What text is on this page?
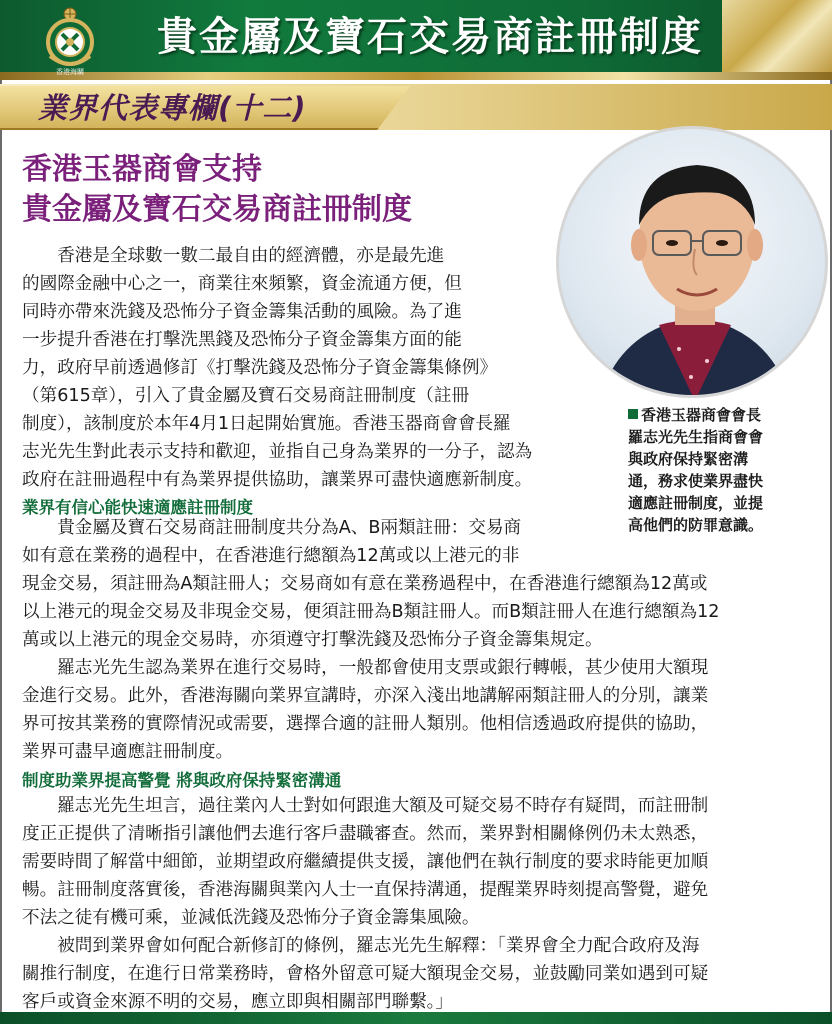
貴金屬及寶石交易商註冊制度
香港海關
業界代表專欄(十二)
香港玉器商會支持
貴金屬及寶石交易商註冊制度

香港玉器商會會長

羅志光先生指商會會

與政府保持緊密溝

通，務求使業界盡快

適應註冊制度，並提

高他們的防罪意識。

　　香港是全球數一數二最自由的經濟體，亦是最先進

的國際金融中心之一，商業往來頻繁，資金流通方便，但

同時亦帶來洗錢及恐怖分子資金籌集活動的風險。為了進

一步提升香港在打擊洗黑錢及恐怖分子資金籌集方面的能

力，政府早前透過修訂《打擊洗錢及恐怖分子資金籌集條例》

（第615章），引入了貴金屬及寶石交易商註冊制度（註冊

制度），該制度於本年4月1日起開始實施。香港玉器商會會長羅

志光先生對此表示支持和歡迎，並指自己身為業界的一分子，認為

政府在註冊過程中有為業界提供協助，讓業界可盡快適應新制度。

業界有信心能快速適應註冊制度

　　貴金屬及寶石交易商註冊制度共分為A、B兩類註冊：交易商

如有意在業務的過程中，在香港進行總額為12萬或以上港元的非

現金交易，須註冊為A類註冊人；交易商如有意在業務過程中，在香港進行總額為12萬或

以上港元的現金交易及非現金交易，便須註冊為B類註冊人。而B類註冊人在進行總額為12

萬或以上港元的現金交易時，亦須遵守打擊洗錢及恐怖分子資金籌集規定。

　　羅志光先生認為業界在進行交易時，一般都會使用支票或銀行轉帳，甚少使用大額現

金進行交易。此外，香港海關向業界宣講時，亦深入淺出地講解兩類註冊人的分別，讓業

界可按其業務的實際情況或需要，選擇合適的註冊人類別。他相信透過政府提供的協助，

業界可盡早適應註冊制度。

制度助業界提高警覺 將與政府保持緊密溝通

　　羅志光先生坦言，過往業內人士對如何跟進大額及可疑交易不時存有疑問，而註冊制

度正正提供了清晰指引讓他們去進行客戶盡職審查。然而，業界對相關條例仍未太熟悉，

需要時間了解當中細節，並期望政府繼續提供支援，讓他們在執行制度的要求時能更加順

暢。註冊制度落實後，香港海關與業內人士一直保持溝通，提醒業界時刻提高警覺，避免

不法之徒有機可乘，並減低洗錢及恐怖分子資金籌集風險。

　　被問到業界會如何配合新修訂的條例，羅志光先生解釋：「業界會全力配合政府及海

關推行制度，在進行日常業務時，會格外留意可疑大額現金交易，並鼓勵同業如遇到可疑

客戶或資金來源不明的交易，應立即與相關部門聯繫。」
